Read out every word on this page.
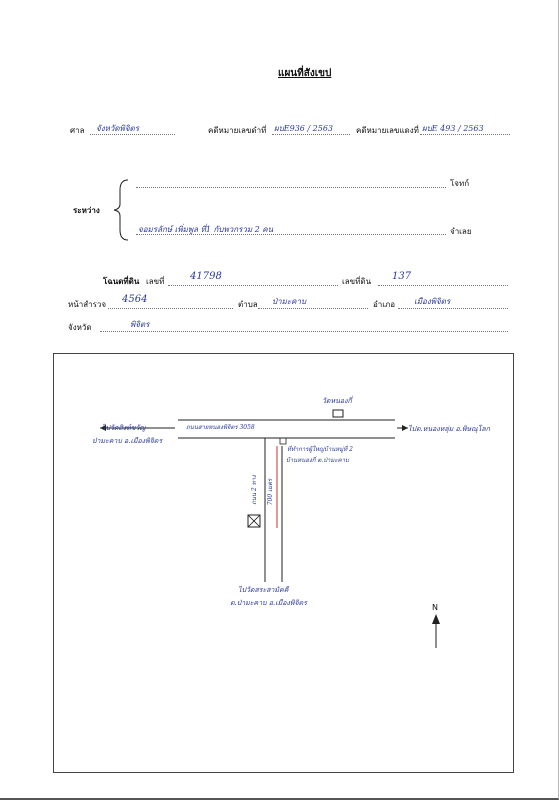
แผนที่สังเขป
ศาล จังหวัดพิจิตร	คดีหมายเลขดำที่ ผบE936 / 2563	คดีหมายเลขแดงที่ ผบE 493 / 2563
ระหว่าง
โจทก์
จอมรลักษ์ เพิ่มพูล ที่1 กับพวกรวม 2 คน	จำเลย
โฉนดที่ดิน เลขที่	41798	เลขที่ดิน 137
หน้าสำรวจ 4564	ตำบล ป่ามะคาบ	อำเภอ เมืองพิจิตร
จังหวัด	พิจิตร
วัดหนองกี่
ถนนสายหนองพิจิตร 3058
ไปวัดสิงห์ขวัญ
ป่ามะคาบ อ.เมืองพิจิตร
ไปต.หนองหลุ่ม อ.พิษณุโลก
ที่ทำการผู้ใหญ่บ้านหมู่ที่ 2
บ้านหนองกี่ ต.ป่ามะคาบ
ถนน 2 ทาง	700 เมตร
ไปวัดสระสามัคคี
ต.ป่ามะคาบ อ.เมืองพิจิตร	N
